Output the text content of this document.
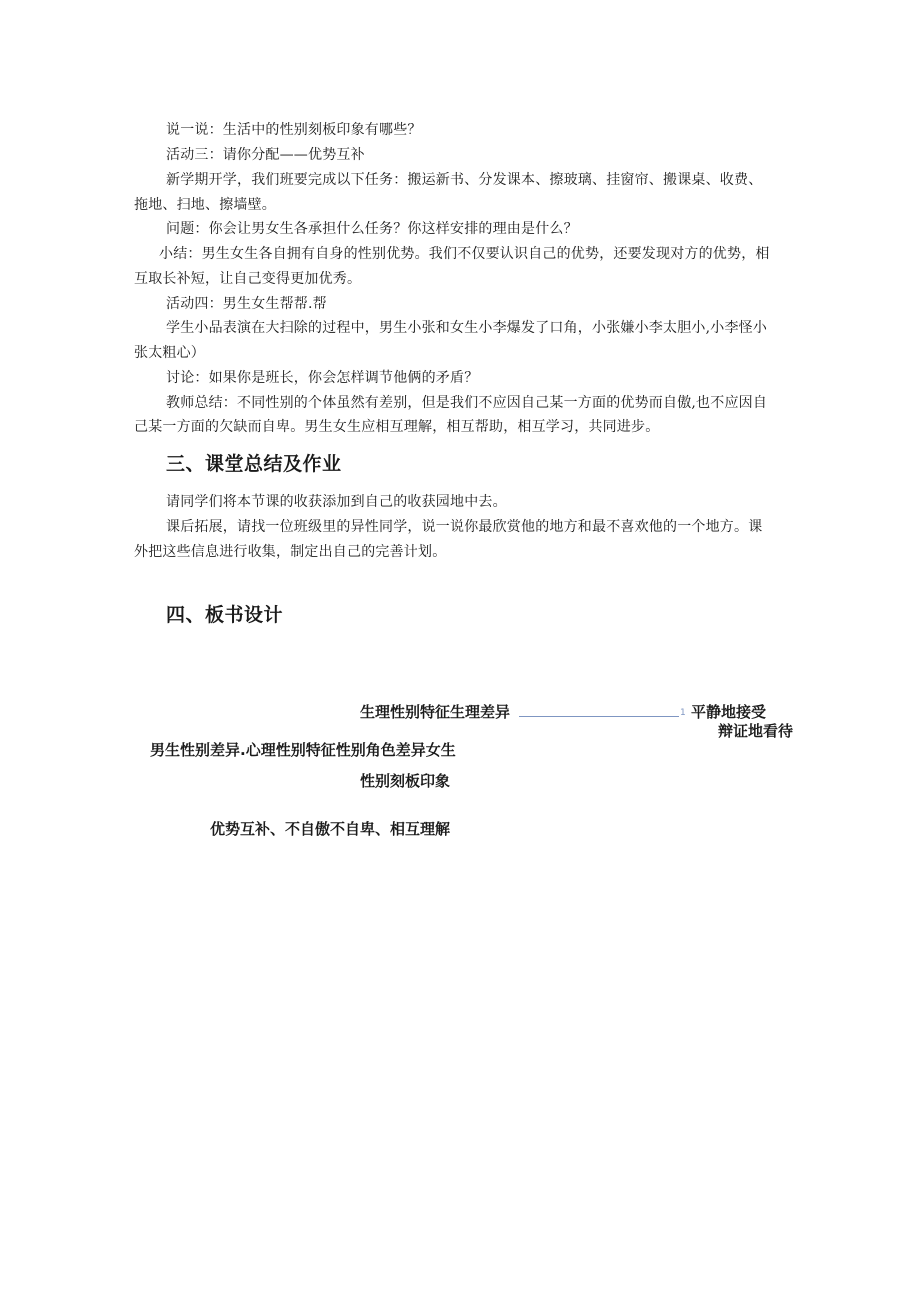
说一说：生活中的性别刻板印象有哪些？
活动三：请你分配——优势互补
新学期开学，我们班要完成以下任务：搬运新书、分发课本、擦玻璃、挂窗帘、搬课桌、收费、
拖地、扫地、擦墙壁。
问题：你会让男女生各承担什么任务？你这样安排的理由是什么？
小结：男生女生各自拥有自身的性别优势。我们不仅要认识自己的优势，还要发现对方的优势，相
互取长补短，让自己变得更加优秀。
活动四：男生女生帮帮.帮
学生小品表演在大扫除的过程中，男生小张和女生小李爆发了口角，小张嫌小李太胆小,小李怪小
张太粗心）
讨论：如果你是班长，你会怎样调节他俩的矛盾？
教师总结：不同性别的个体虽然有差别，但是我们不应因自己某一方面的优势而自傲,也不应因自
己某一方面的欠缺而自卑。男生女生应相互理解，相互帮助，相互学习，共同进步。
三、课堂总结及作业
请同学们将本节课的收获添加到自己的收获园地中去。
课后拓展，请找一位班级里的异性同学，说一说你最欣赏他的地方和最不喜欢他的一个地方。课
外把这些信息进行收集，制定出自己的完善计划。
四、板书设计
生理性别特征生理差异	1 平静地接受
辩证地看待
男生性别差异.心理性别特征性别角色差异女生
性别刻板印象
优势互补、不自傲不自卑、相互理解
